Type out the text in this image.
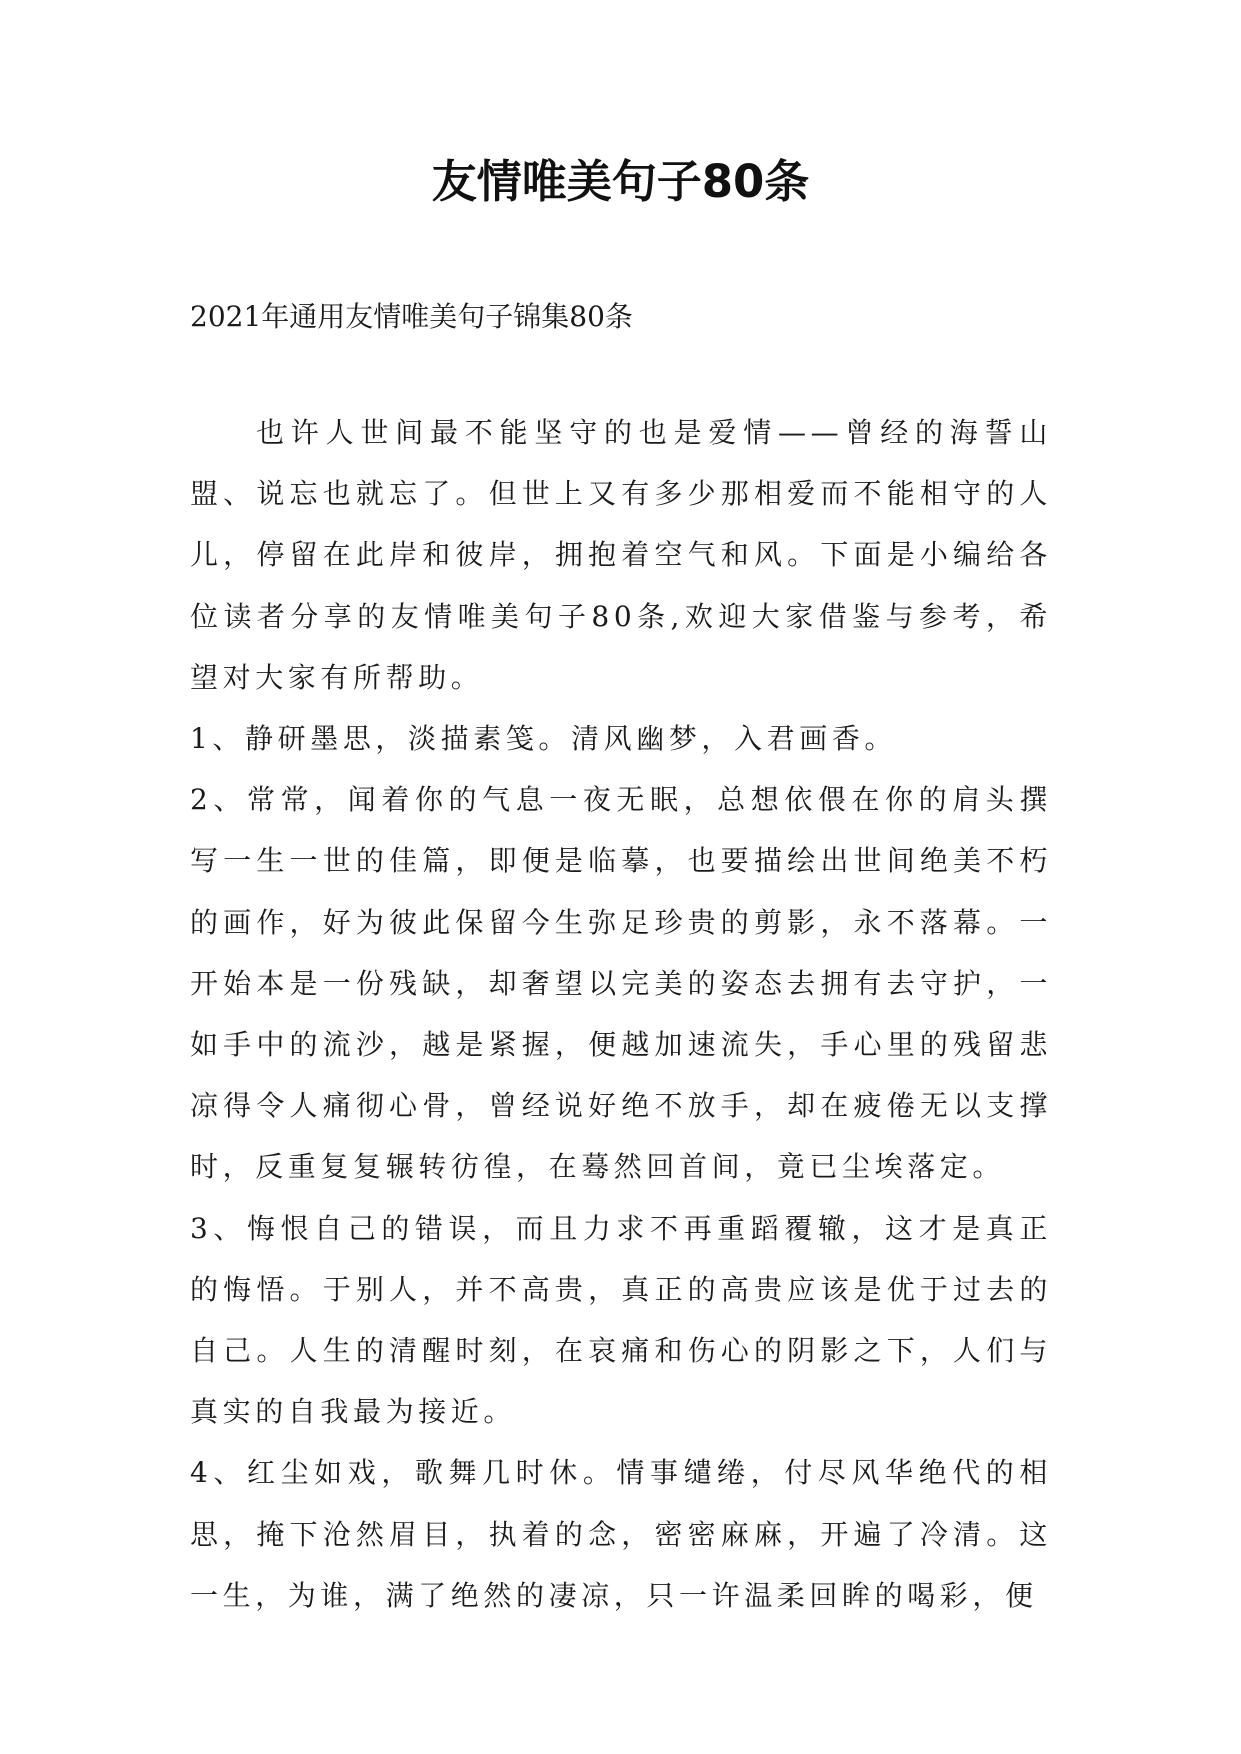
友情唯美句子80条

2021年通用友情唯美句子锦集80条

也许人世间最不能坚守的也是爱情——曾经的海誓山盟、说忘也就忘了。但世上又有多少那相爱而不能相守的人儿，停留在此岸和彼岸，拥抱着空气和风。下面是小编给各位读者分享的友情唯美句子80条,欢迎大家借鉴与参考，希望对大家有所帮助。

1、静研墨思，淡描素笺。清风幽梦，入君画香。

2、常常，闻着你的气息一夜无眠，总想依偎在你的肩头撰写一生一世的佳篇，即便是临摹，也要描绘出世间绝美不朽的画作，好为彼此保留今生弥足珍贵的剪影，永不落幕。一开始本是一份残缺，却奢望以完美的姿态去拥有去守护，一如手中的流沙，越是紧握，便越加速流失，手心里的残留悲凉得令人痛彻心骨，曾经说好绝不放手，却在疲倦无以支撑时，反重复复辗转彷徨，在蓦然回首间，竟已尘埃落定。

3、悔恨自己的错误，而且力求不再重蹈覆辙，这才是真正的悔悟。于别人，并不高贵，真正的高贵应该是优于过去的自己。人生的清醒时刻，在哀痛和伤心的阴影之下，人们与真实的自我最为接近。

4、红尘如戏，歌舞几时休。情事缱绻，付尽风华绝代的相思，掩下沧然眉目，执着的念，密密麻麻，开遍了冷清。这一生，为谁，满了绝然的凄凉，只一许温柔回眸的喝彩，便
